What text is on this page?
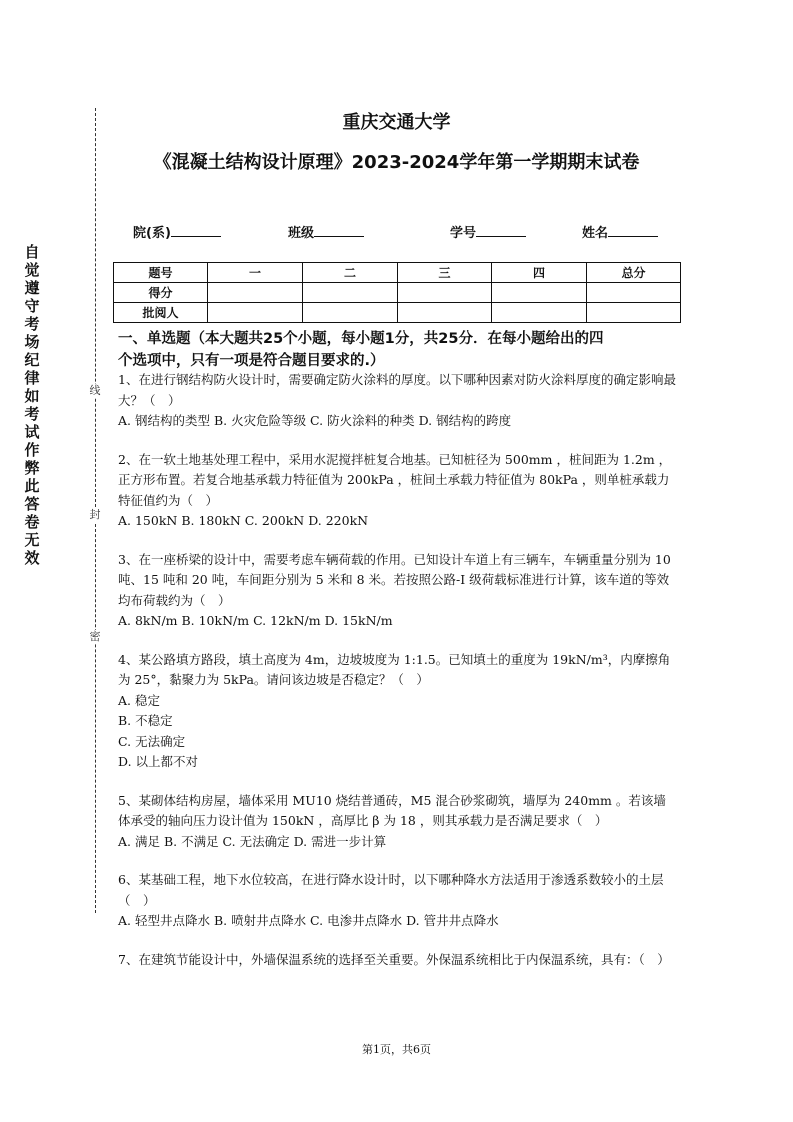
自觉遵守考场纪律如考试作弊此答卷无效
线
封
密
重庆交通大学
《混凝土结构设计原理》2023-2024学年第一学期期末试卷
院(系)	班级	学号	姓名
题号	一	二	三	四	总分
得分					
批阅人					
一、单选题（本大题共25个小题，每小题1分，共25分．在每小题给出的四
个选项中，只有一项是符合题目要求的.）

1、在进行钢结构防火设计时，需要确定防火涂料的厚度。以下哪种因素对防火涂料厚度的确定影响最大？（　）

A. 钢结构的类型 B. 火灾危险等级 C. 防火涂料的种类 D. 钢结构的跨度

2、在一软土地基处理工程中，采用水泥搅拌桩复合地基。已知桩径为 500mm ，桩间距为 1.2m ，正方形布置。若复合地基承载力特征值为 200kPa ，桩间土承载力特征值为 80kPa ，则单桩承载力特征值约为（　）

A. 150kN B. 180kN C. 200kN D. 220kN

3、在一座桥梁的设计中，需要考虑车辆荷载的作用。已知设计车道上有三辆车，车辆重量分别为 10 吨、15 吨和 20 吨，车间距分别为 5 米和 8 米。若按照公路-I 级荷载标准进行计算，该车道的等效均布荷载约为（　）

A. 8kN/m B. 10kN/m C. 12kN/m D. 15kN/m

4、某公路填方路段，填土高度为 4m，边坡坡度为 1:1.5。已知填土的重度为 19kN/m³，内摩擦角为 25°，黏聚力为 5kPa。请问该边坡是否稳定？（　）

A. 稳定

B. 不稳定

C. 无法确定

D. 以上都不对

5、某砌体结构房屋，墙体采用 MU10 烧结普通砖，M5 混合砂浆砌筑，墙厚为 240mm 。若该墙体承受的轴向压力设计值为 150kN ，高厚比 β 为 18 ，则其承载力是否满足要求（　）

A. 满足 B. 不满足 C. 无法确定 D. 需进一步计算

6、某基础工程，地下水位较高，在进行降水设计时，以下哪种降水方法适用于渗透系数较小的土层（　）

A. 轻型井点降水 B. 喷射井点降水 C. 电渗井点降水 D. 管井井点降水

7、在建筑节能设计中，外墙保温系统的选择至关重要。外保温系统相比于内保温系统，具有：（　）

第1页，共6页
